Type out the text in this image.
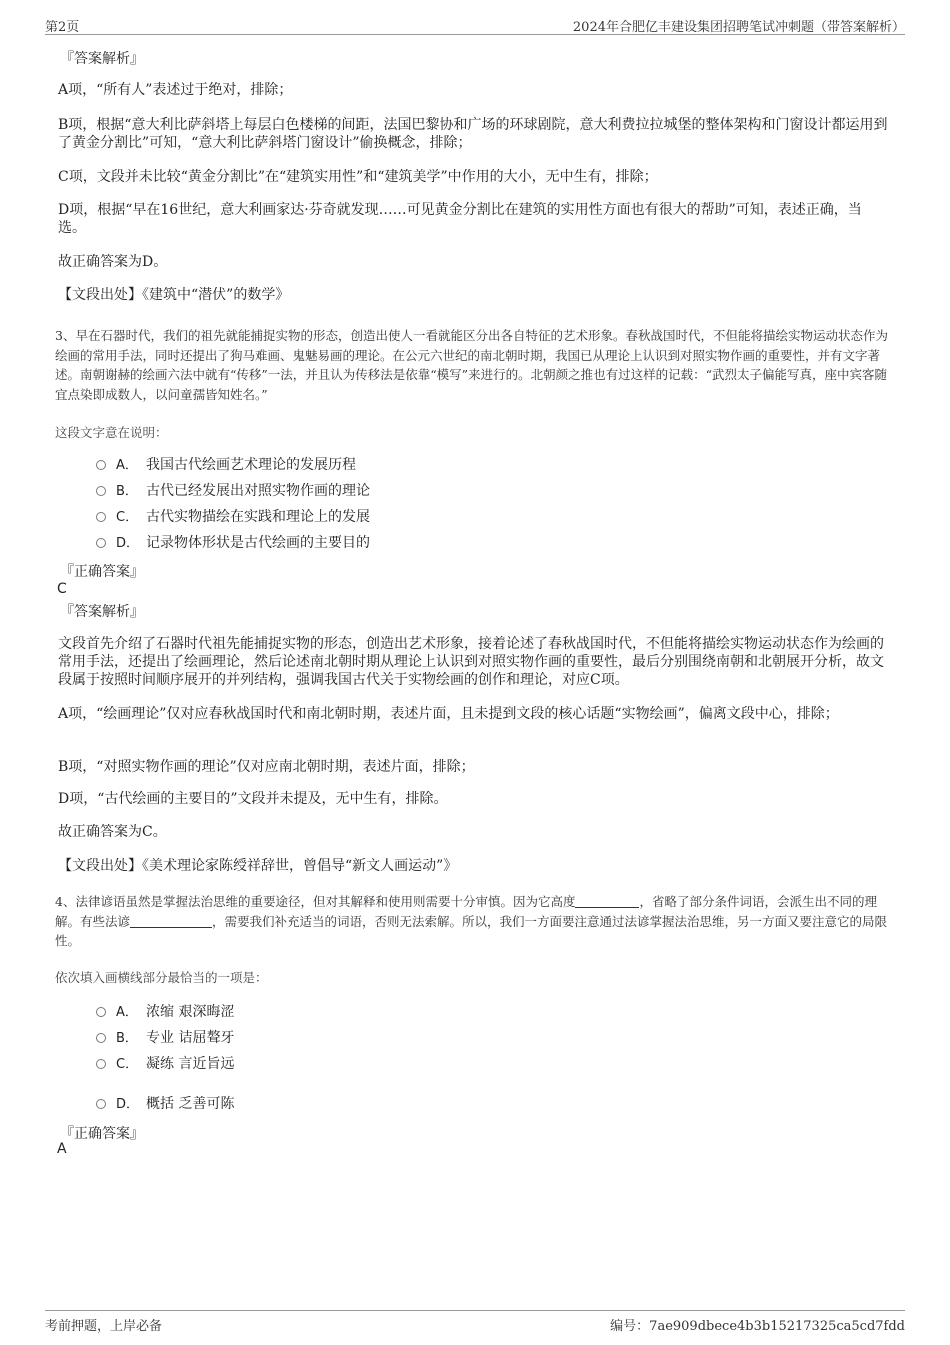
第2页	2024年合肥亿丰建设集团招聘笔试冲刺题（带答案解析）
『答案解析』
A项，“所有人”表述过于绝对，排除；
B项，根据“意大利比萨斜塔上每层白色楼梯的间距，法国巴黎协和广场的环球剧院，意大利费拉拉城堡的整体架构和门窗设计都运用到了黄金分割比”可知，“意大利比萨斜塔门窗设计”偷换概念，排除；
C项，文段并未比较“黄金分割比”在“建筑实用性”和“建筑美学”中作用的大小，无中生有，排除；
D项，根据“早在16世纪，意大利画家达·芬奇就发现……可见黄金分割比在建筑的实用性方面也有很大的帮助”可知，表述正确，当选。
故正确答案为D。
【文段出处】《建筑中“潜伏”的数学》
3、早在石器时代，我们的祖先就能捕捉实物的形态，创造出使人一看就能区分出各自特征的艺术形象。春秋战国时代，不但能将描绘实物运动状态作为绘画的常用手法，同时还提出了狗马难画、鬼魅易画的理论。在公元六世纪的南北朝时期，我国已从理论上认识到对照实物作画的重要性，并有文字著述。南朝谢赫的绘画六法中就有“传移”一法，并且认为传移法是依靠“模写”来进行的。北朝颜之推也有过这样的记载：“武烈太子偏能写真，座中宾客随宜点染即成数人，以问童孺皆知姓名。”
这段文字意在说明：
A． 我国古代绘画艺术理论的发展历程
B． 古代已经发展出对照实物作画的理论
C． 古代实物描绘在实践和理论上的发展
D． 记录物体形状是古代绘画的主要目的
『正确答案』
C
『答案解析』
文段首先介绍了石器时代祖先能捕捉实物的形态，创造出艺术形象，接着论述了春秋战国时代，不但能将描绘实物运动状态作为绘画的常用手法，还提出了绘画理论，然后论述南北朝时期从理论上认识到对照实物作画的重要性，最后分别围绕南朝和北朝展开分析，故文段属于按照时间顺序展开的并列结构，强调我国古代关于实物绘画的创作和理论，对应C项。
A项，“绘画理论”仅对应春秋战国时代和南北朝时期，表述片面，且未提到文段的核心话题“实物绘画”，偏离文段中心，排除；
B项，“对照实物作画的理论”仅对应南北朝时期，表述片面，排除；
D项，“古代绘画的主要目的”文段并未提及，无中生有，排除。
故正确答案为C。
【文段出处】《美术理论家陈绶祥辞世，曾倡导“新文人画运动”》
4、法律谚语虽然是掌握法治思维的重要途径，但对其解释和使用则需要十分审慎。因为它高度	，省略了部分条件词语，会派生出不同的理解。有些法谚	，需要我们补充适当的词语，否则无法索解。所以，我们一方面要注意通过法谚掌握法治思维，另一方面又要注意它的局限性。
依次填入画横线部分最恰当的一项是：
A． 浓缩 艰深晦涩
B． 专业 诘屈聱牙
C． 凝练 言近旨远
D． 概括 乏善可陈
『正确答案』
A
考前押题，上岸必备	编号：7ae909dbece4b3b15217325ca5cd7fdd
